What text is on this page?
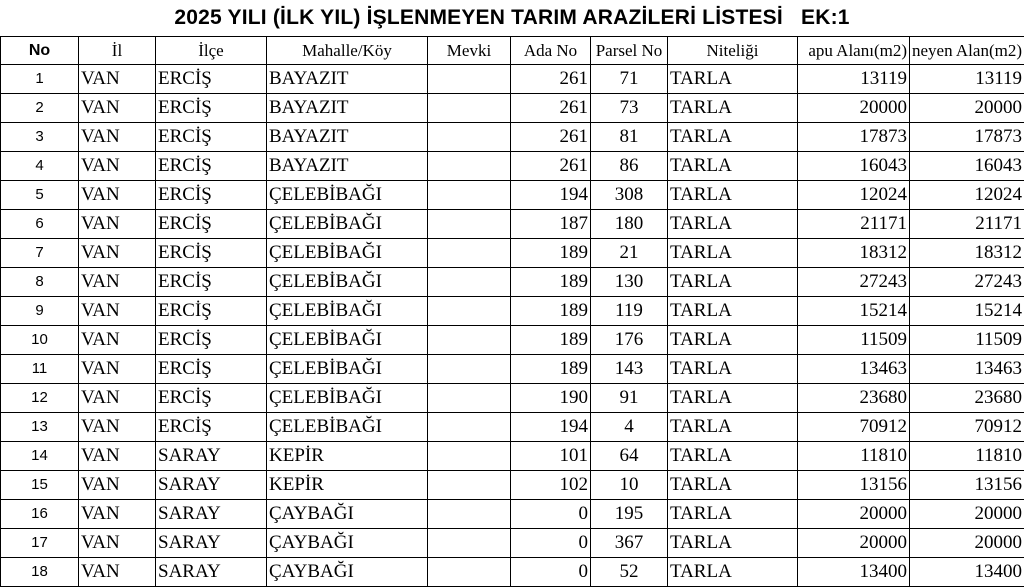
2025 YILI (İLK YIL) İŞLENMEYEN TARIM ARAZİLERİ LİSTESİ   EK:1
No	İl	İlçe	Mahalle/Köy	Mevki	Ada No	Parsel No	Niteliği	apu Alanı(m2)	neyen Alan(m2)
1	VAN	ERCİŞ	BAYAZIT		261	71	TARLA	13119	13119
2	VAN	ERCİŞ	BAYAZIT		261	73	TARLA	20000	20000
3	VAN	ERCİŞ	BAYAZIT		261	81	TARLA	17873	17873
4	VAN	ERCİŞ	BAYAZIT		261	86	TARLA	16043	16043
5	VAN	ERCİŞ	ÇELEBİBAĞI		194	308	TARLA	12024	12024
6	VAN	ERCİŞ	ÇELEBİBAĞI		187	180	TARLA	21171	21171
7	VAN	ERCİŞ	ÇELEBİBAĞI		189	21	TARLA	18312	18312
8	VAN	ERCİŞ	ÇELEBİBAĞI		189	130	TARLA	27243	27243
9	VAN	ERCİŞ	ÇELEBİBAĞI		189	119	TARLA	15214	15214
10	VAN	ERCİŞ	ÇELEBİBAĞI		189	176	TARLA	11509	11509
11	VAN	ERCİŞ	ÇELEBİBAĞI		189	143	TARLA	13463	13463
12	VAN	ERCİŞ	ÇELEBİBAĞI		190	91	TARLA	23680	23680
13	VAN	ERCİŞ	ÇELEBİBAĞI		194	4	TARLA	70912	70912
14	VAN	SARAY	KEPİR		101	64	TARLA	11810	11810
15	VAN	SARAY	KEPİR		102	10	TARLA	13156	13156
16	VAN	SARAY	ÇAYBAĞI		0	195	TARLA	20000	20000
17	VAN	SARAY	ÇAYBAĞI		0	367	TARLA	20000	20000
18	VAN	SARAY	ÇAYBAĞI		0	52	TARLA	13400	13400
